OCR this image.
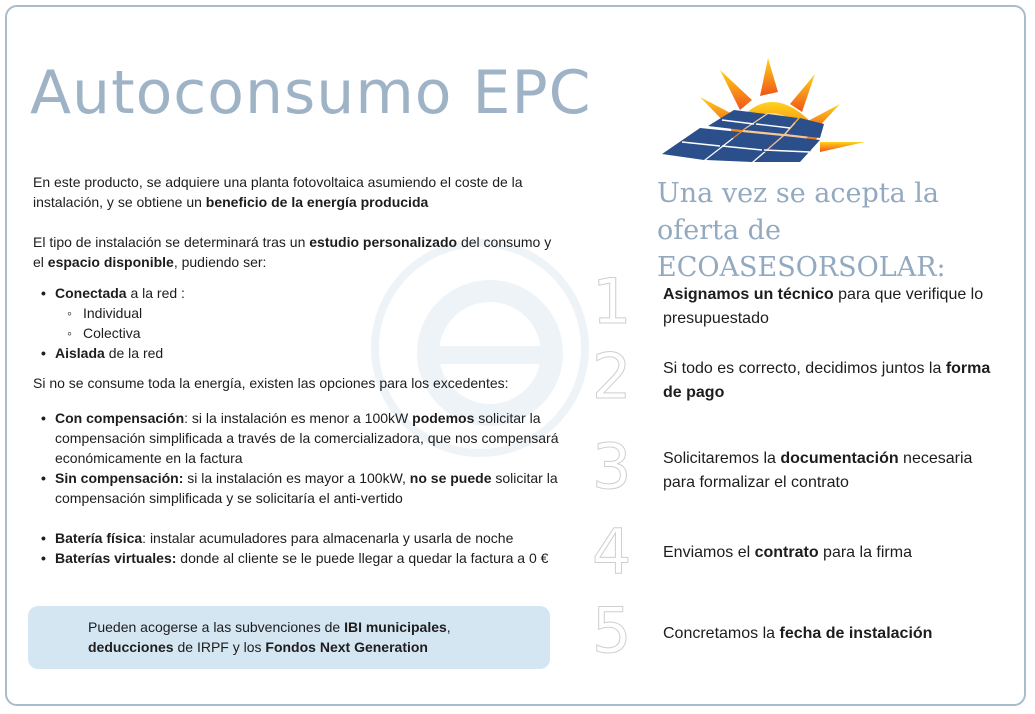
Autoconsumo EPC

En este producto, se adquiere una planta fotovoltaica asumiendo el coste de la instalación, y se obtiene un beneficio de la energía producida

El tipo de instalación se determinará tras un estudio personalizado del consumo y el espacio disponible, pudiendo ser:

• Conectada a la red :
◦ Individual
◦ Colectiva
• Aislada de la red

Si no se consume toda la energía, existen las opciones para los excedentes:

• Con compensación: si la instalación es menor a 100kW podemos solicitar la compensación simplificada a través de la comercializadora, que nos compensará económicamente en la factura
• Sin compensación: si la instalación es mayor a 100kW, no se puede solicitar la compensación simplificada y se solicitaría el anti-vertido
• Batería física: instalar acumuladores para almacenarla y usarla de noche
• Baterías virtuales: donde al cliente se le puede llegar a quedar la factura a 0 €

Pueden acogerse a las subvenciones de IBI municipales, deducciones de IRPF y los Fondos Next Generation

Una vez se acepta la oferta de ECOASESORSOLAR:

1 Asignamos un técnico para que verifique lo presupuestado

2 Si todo es correcto, decidimos juntos la forma de pago

3 Solicitaremos la documentación necesaria para formalizar el contrato

4 Enviamos el contrato para la firma

5 Concretamos la fecha de instalación
